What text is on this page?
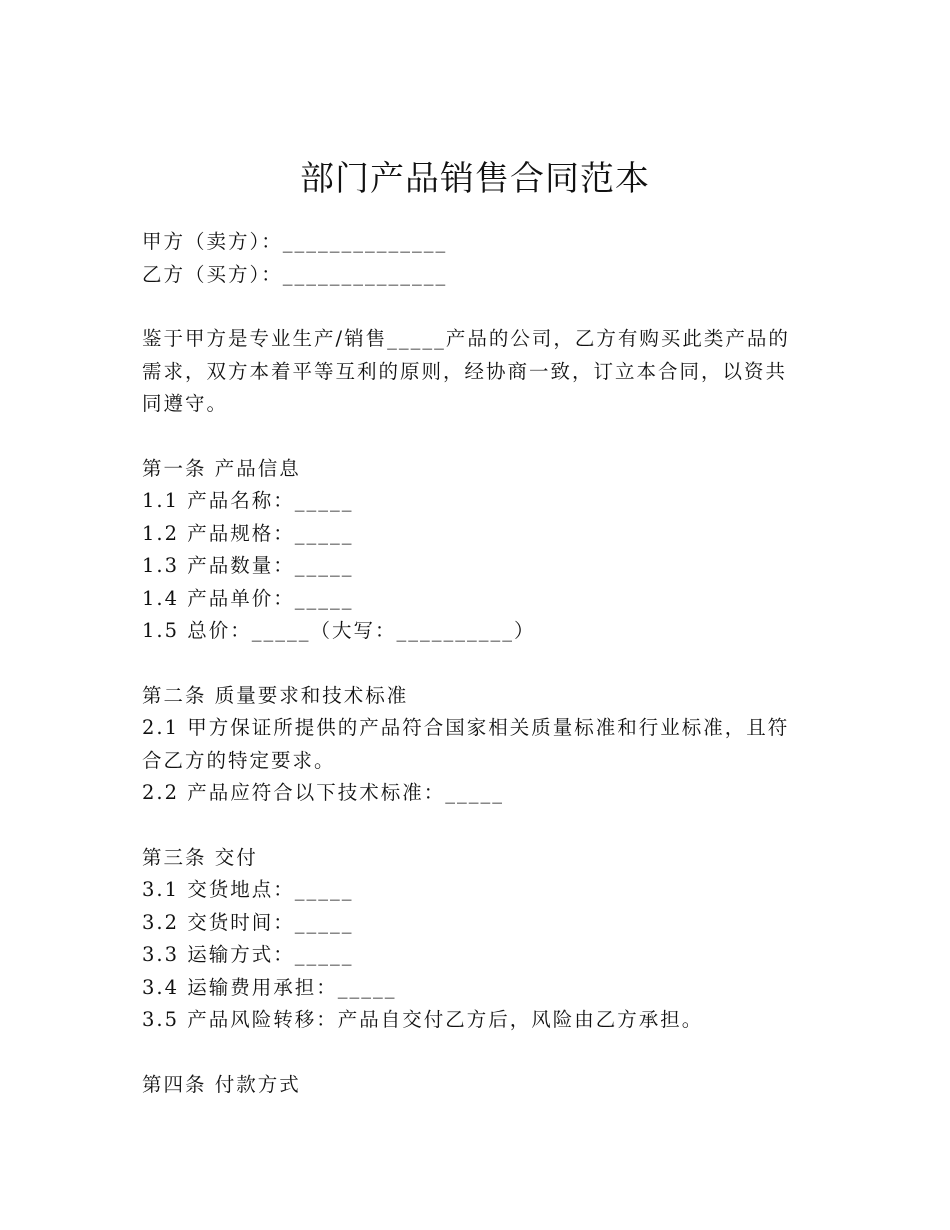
部门产品销售合同范本
甲方（卖方）：______________
乙方（买方）：______________
鉴于甲方是专业生产/销售_____产品的公司，乙方有购买此类产品的需求，双方本着平等互利的原则，经协商一致，订立本合同，以资共同遵守。
第一条 产品信息
1.1 产品名称：_____
1.2 产品规格：_____
1.3 产品数量：_____
1.4 产品单价：_____
1.5 总价：_____（大写：__________）
第二条 质量要求和技术标准
2.1 甲方保证所提供的产品符合国家相关质量标准和行业标准，且符合乙方的特定要求。
2.2 产品应符合以下技术标准：_____
第三条 交付
3.1 交货地点：_____
3.2 交货时间：_____
3.3 运输方式：_____
3.4 运输费用承担：_____
3.5 产品风险转移：产品自交付乙方后，风险由乙方承担。
第四条 付款方式
